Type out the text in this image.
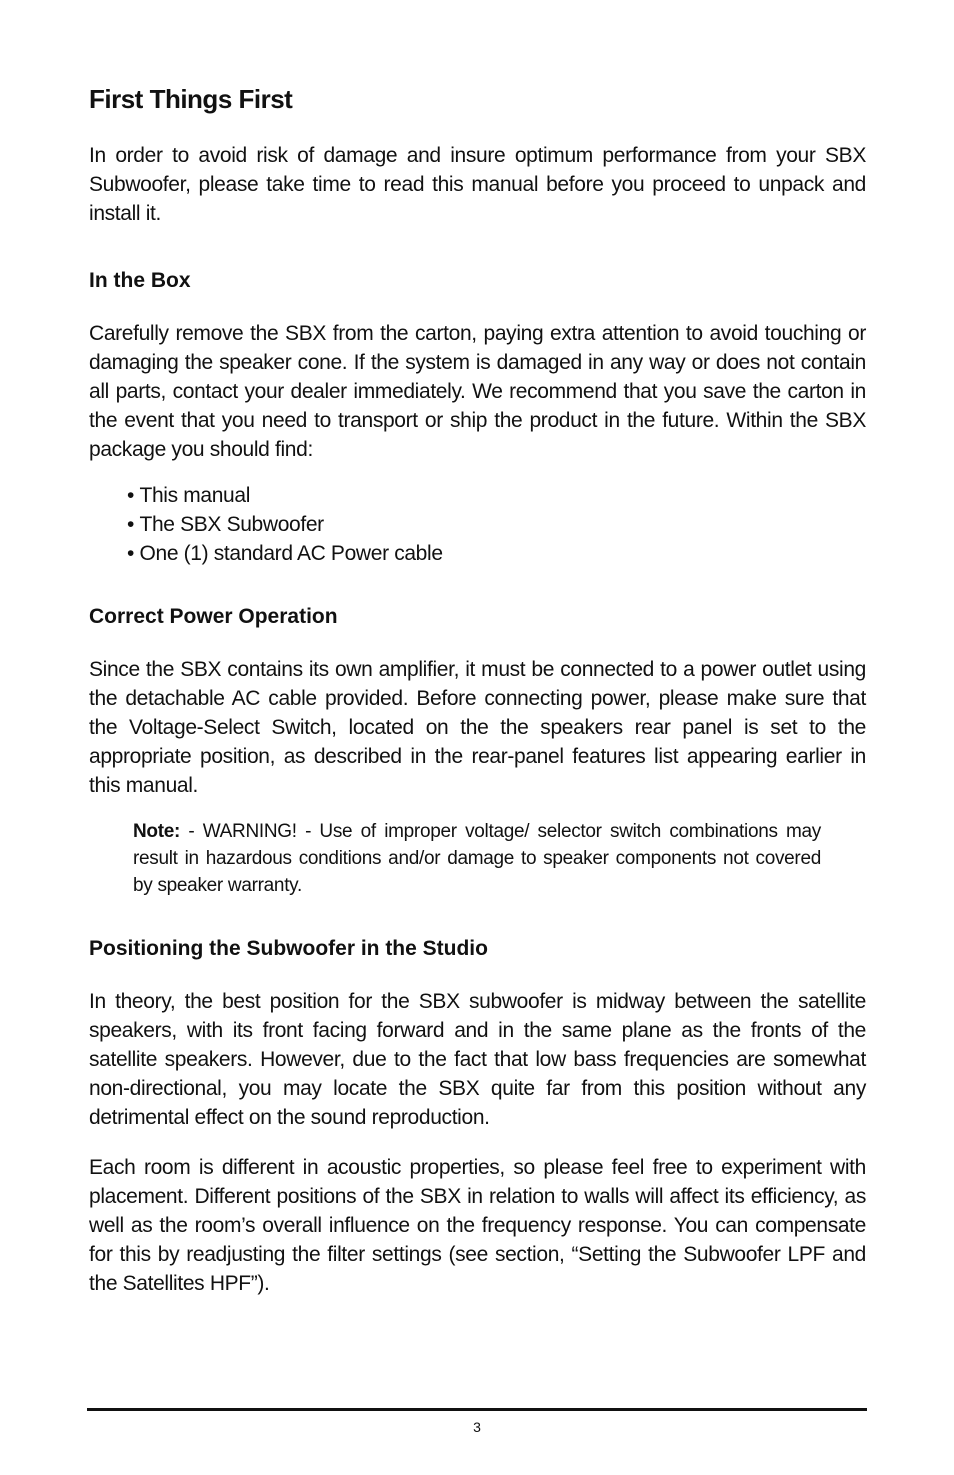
First Things First

In order to avoid risk of damage and insure optimum performance from your SBX Subwoofer, please take time to read this manual before you proceed to unpack and install it.

In the Box

Carefully remove the SBX from the carton, paying extra attention to avoid touching or damaging the speaker cone. If the system is damaged in any way or does not contain all parts, contact your dealer immediately. We recommend that you save the carton in the event that you need to transport or ship the product in the future. Within the SBX package you should find:

• This manual
• The SBX Subwoofer
• One (1) standard AC Power cable
Correct Power Operation

Since the SBX contains its own amplifier, it must be connected to a power outlet using the detachable AC cable provided. Before connecting power, please make sure that the Voltage-Select Switch, located on the the speakers rear panel is set to the appropriate position, as described in the rear-panel features list appearing earlier in this manual.

Note: - WARNING! - Use of improper voltage/ selector switch combinations may result in hazardous conditions and/or damage to speaker components not covered by speaker warranty.

Positioning the Subwoofer in the Studio

In theory, the best position for the SBX subwoofer is midway between the satellite speakers, with its front facing forward and in the same plane as the fronts of the satellite speakers. However, due to the fact that low bass frequencies are somewhat non-directional, you may locate the SBX quite far from this position without any detrimental effect on the sound reproduction.

Each room is different in acoustic properties, so please feel free to experiment with placement. Different positions of the SBX in relation to walls will affect its efficiency, as well as the room’s overall influence on the frequency response. You can compensate for this by readjusting the filter settings (see section, “Setting the Subwoofer LPF and the Satellites HPF”).

3
